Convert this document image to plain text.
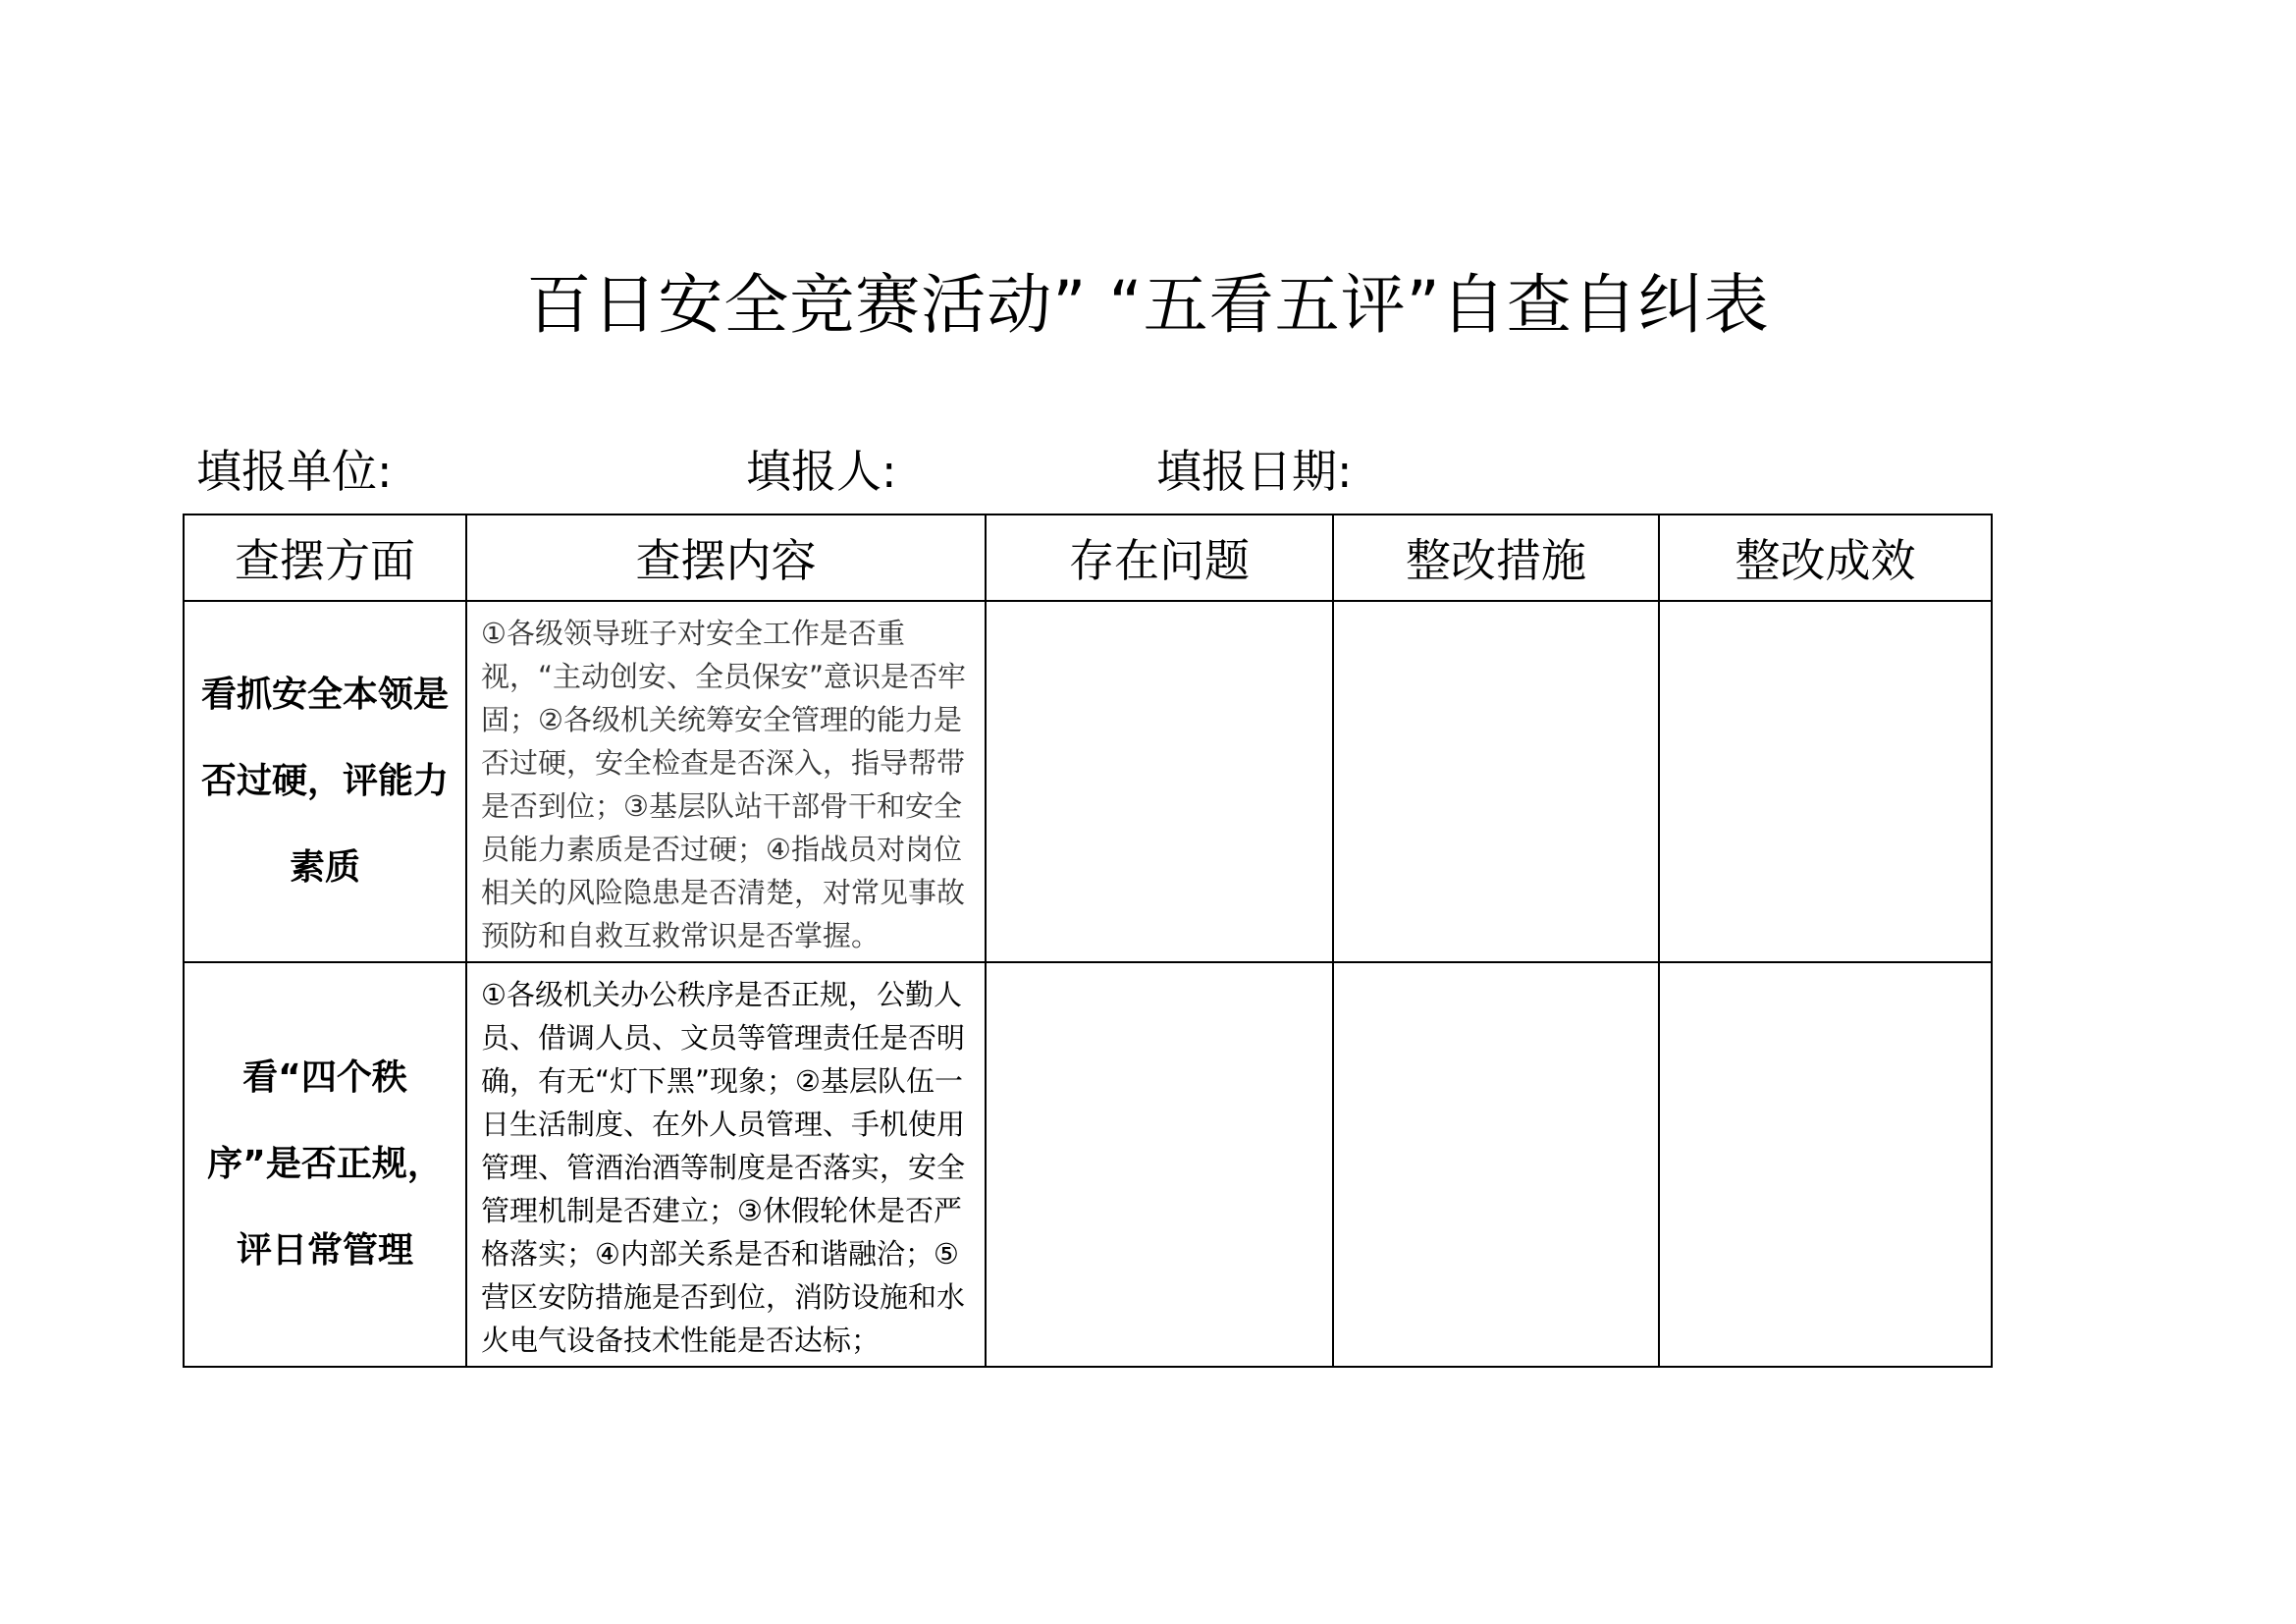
百日安全竞赛活动” “五看五评”自查自纠表
填报单位:	填报人:	填报日期:
查摆方面	查摆内容	存在问题	整改措施	整改成效
看抓安全本领是否过硬，评能力素质	①各级领导班子对安全工作是否重视，“主动创安、全员保安”意识是否牢固；②各级机关统筹安全管理的能力是否过硬，安全检查是否深入，指导帮带是否到位；③基层队站干部骨干和安全员能力素质是否过硬；④指战员对岗位相关的风险隐患是否清楚，对常见事故预防和自救互救常识是否掌握。			
看“四个秩序”是否正规，评日常管理	①各级机关办公秩序是否正规，公勤人员、借调人员、文员等管理责任是否明确，有无“灯下黑”现象；②基层队伍一日生活制度、在外人员管理、手机使用管理、管酒治酒等制度是否落实，安全管理机制是否建立；③休假轮休是否严格落实；④内部关系是否和谐融洽；⑤营区安防措施是否到位，消防设施和水火电气设备技术性能是否达标；			
